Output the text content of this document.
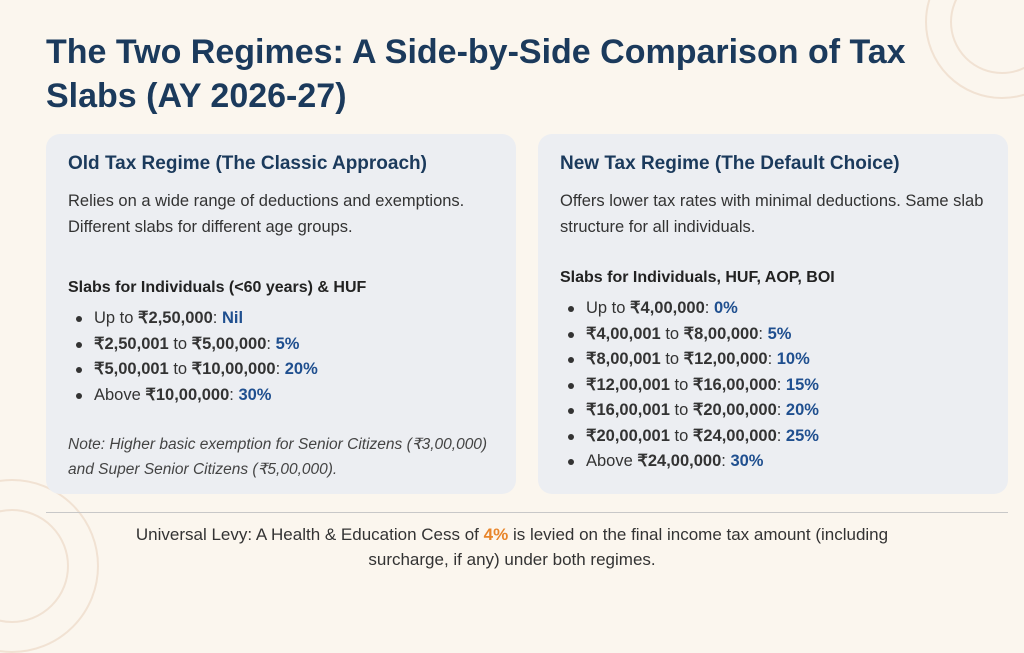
The Two Regimes: A Side-by-Side Comparison of Tax Slabs (AY 2026-27)
Old Tax Regime (The Classic Approach)

Relies on a wide range of deductions and exemptions. Different slabs for different age groups.

Slabs for Individuals (<60 years) & HUF
Up to ₹2,50,000: Nil
₹2,50,001 to ₹5,00,000: 5%
₹5,00,001 to ₹10,00,000: 20%
Above ₹10,00,000: 30%

Note: Higher basic exemption for Senior Citizens (₹3,00,000) and Super Senior Citizens (₹5,00,000).

New Tax Regime (The Default Choice)

Offers lower tax rates with minimal deductions. Same slab structure for all individuals.

Slabs for Individuals, HUF, AOP, BOI
Up to ₹4,00,000: 0%
₹4,00,001 to ₹8,00,000: 5%
₹8,00,001 to ₹12,00,000: 10%
₹12,00,001 to ₹16,00,000: 15%
₹16,00,001 to ₹20,00,000: 20%
₹20,00,001 to ₹24,00,000: 25%
Above ₹24,00,000: 30%
Universal Levy: A Health & Education Cess of 4% is levied on the final income tax amount (including surcharge, if any) under both regimes.
